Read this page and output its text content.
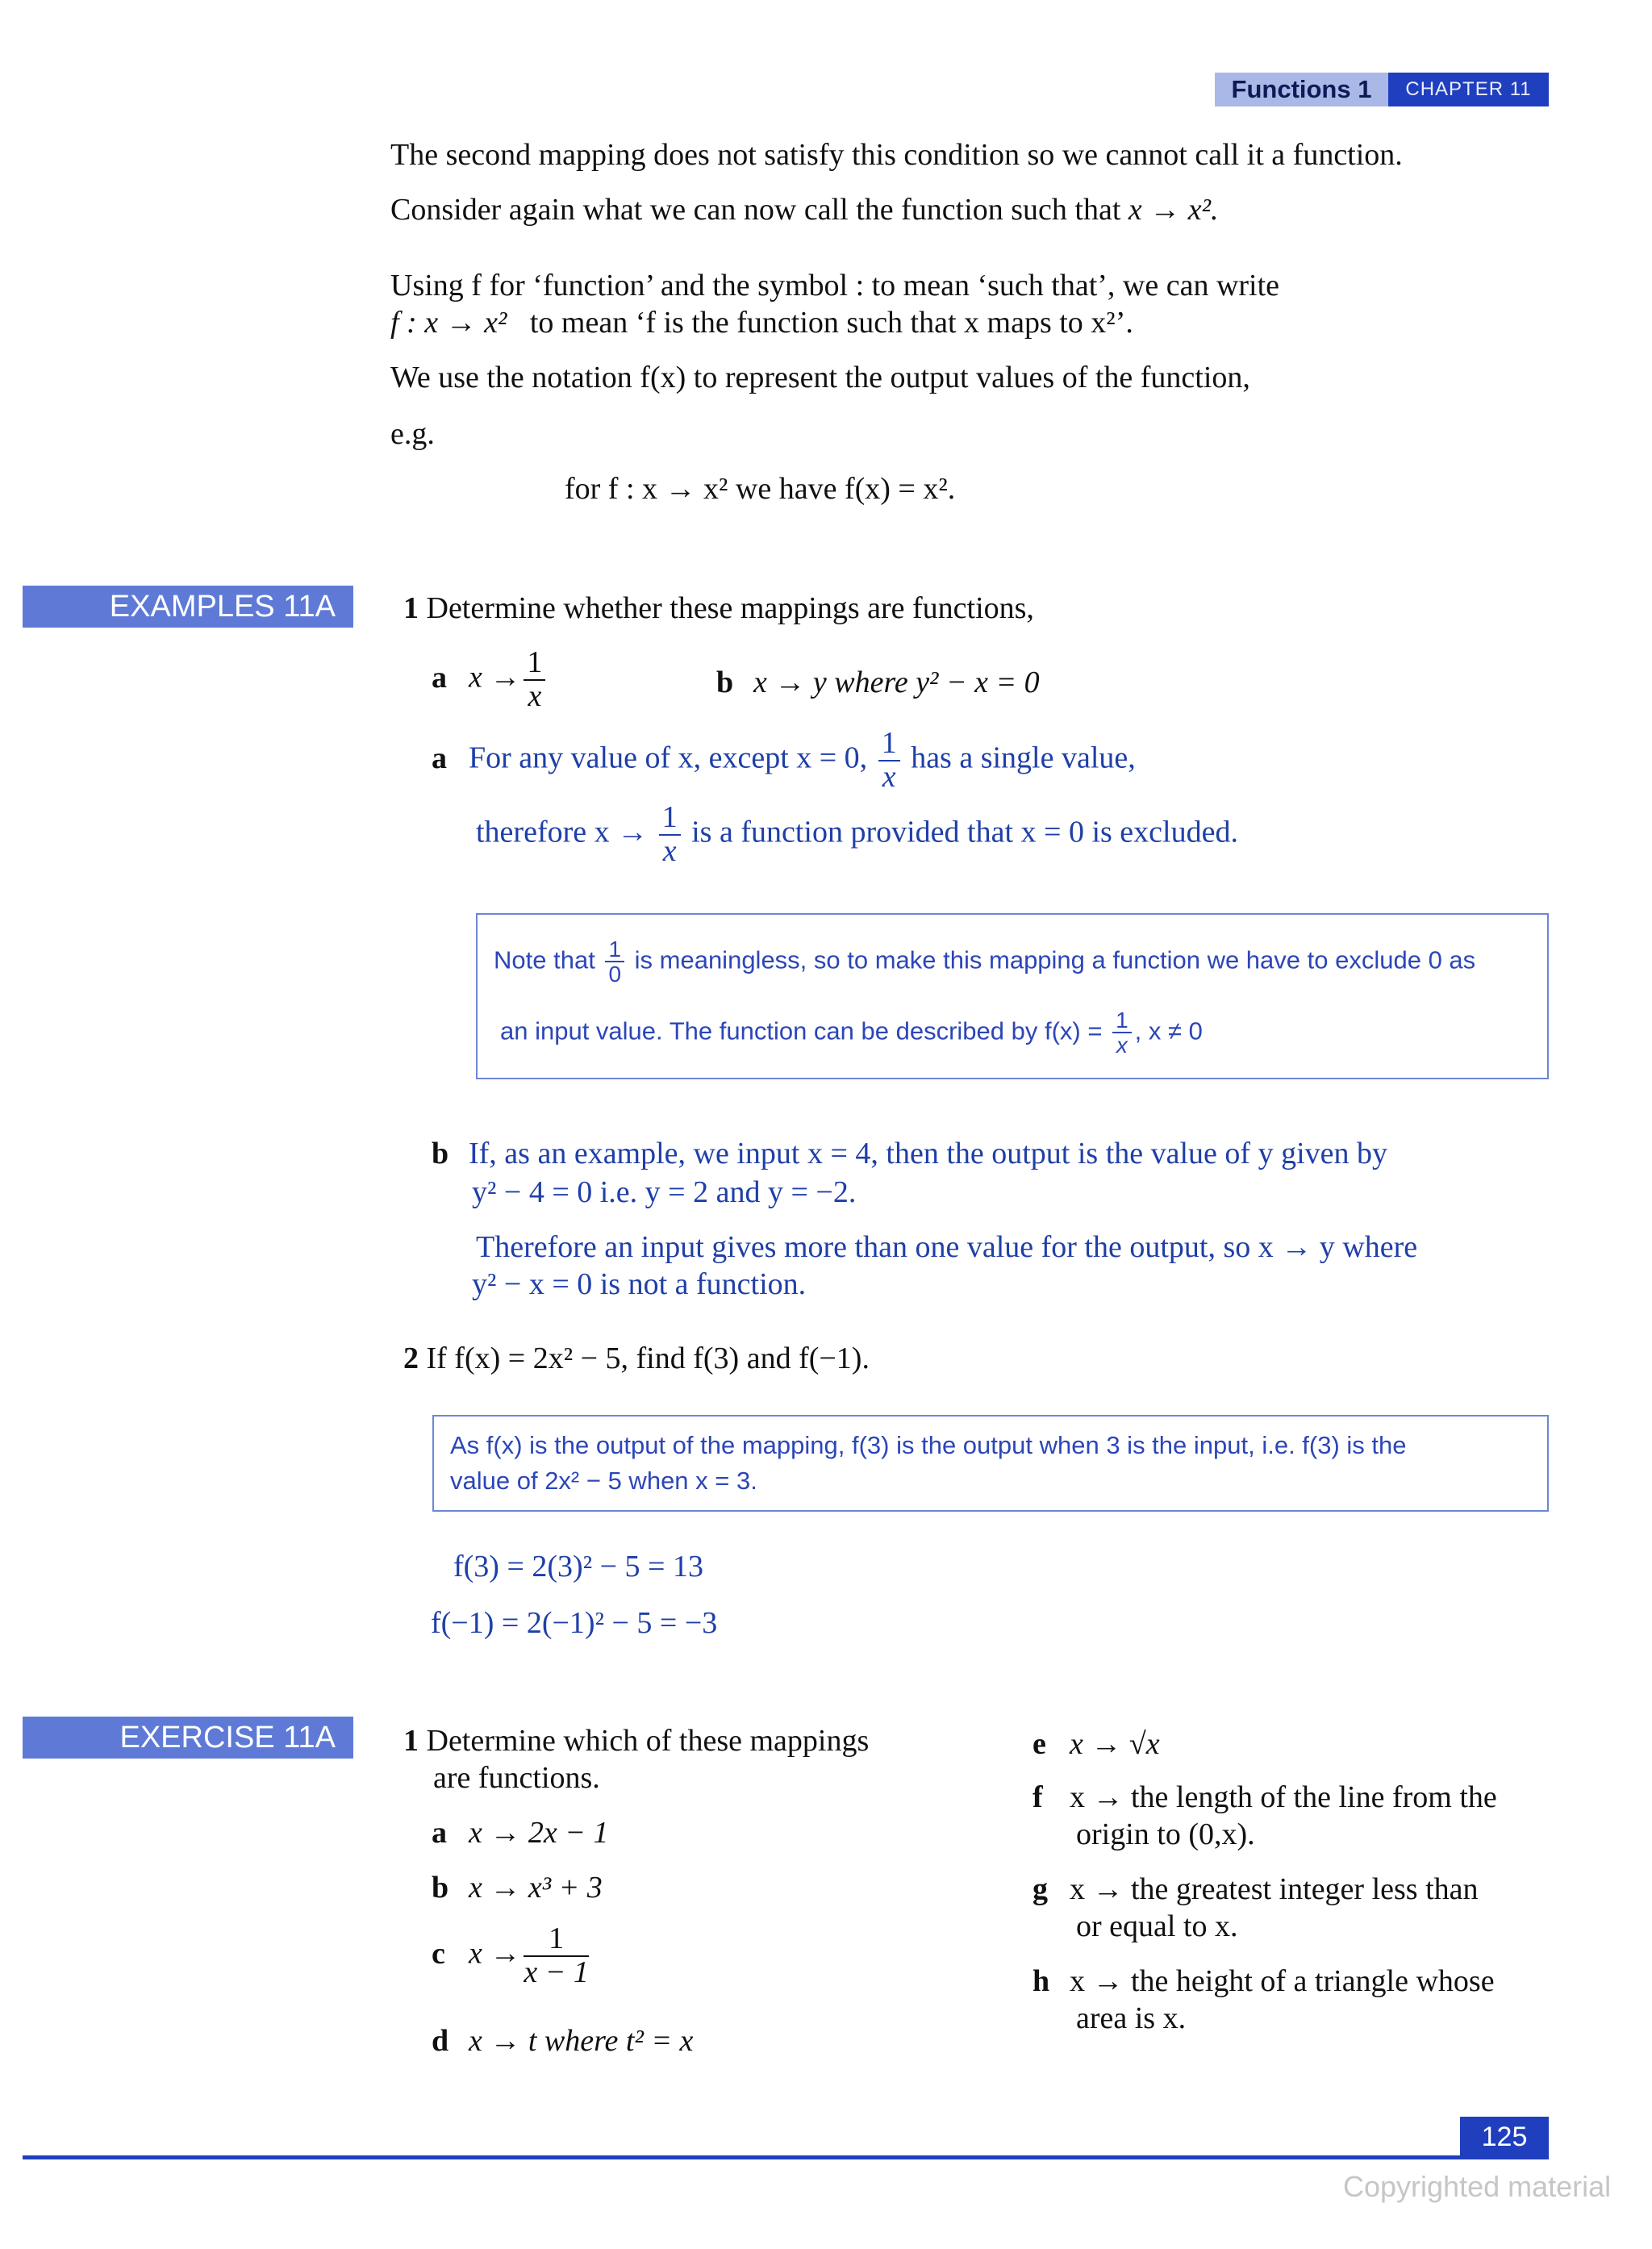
Functions 1	CHAPTER 11
The second mapping does not satisfy this condition so we cannot call it a function.
Consider again what we can now call the function such that x → x².
Using f for ‘function’ and the symbol : to mean ‘such that’, we can write
f : x → x² to mean ‘f is the function such that x maps to x²’.
We use the notation f(x) to represent the output values of the function,
e.g.
for f : x → x² we have f(x) = x².
EXAMPLES 11A	1 Determine whether these mappings are functions,
a $x \to \frac{1}{x}$	b x → y where y² − x = 0
a For any value of x, except x = 0, $\frac{1}{x}$ has a single value,
therefore $x \to \frac{1}{x}$ is a function provided that x = 0 is excluded.
Note that $\frac{1}{0}$ is meaningless, so to make this mapping a function we have to exclude 0 as
an input value. The function can be described by $f(x) = \frac{1}{x}$ , x ≠ 0
b If, as an example, we input x = 4, then the output is the value of y given by
y² − 4 = 0 i.e. y = 2 and y = −2.
Therefore an input gives more than one value for the output, so x → y where
y² − x = 0 is not a function.
2 If f(x) = 2x² − 5, find f(3) and f(−1).
As f(x) is the output of the mapping, f(3) is the output when 3 is the input, i.e. f(3) is the
value of 2x² − 5 when x = 3.
f(3) = 2(3)² − 5 = 13
f(−1) = 2(−1)² − 5 = −3
EXERCISE 11A	1 Determine which of these mappings
are functions.
a x → 2x − 1
b x → x³ + 3
c $x \to \frac{1}{x - 1}$
d x → t where t² = x
e x → √x
f x → the length of the line from the
origin to (0,x).
g x → the greatest integer less than
or equal to x.
h x → the height of a triangle whose
area is x.
125
Copyrighted material
